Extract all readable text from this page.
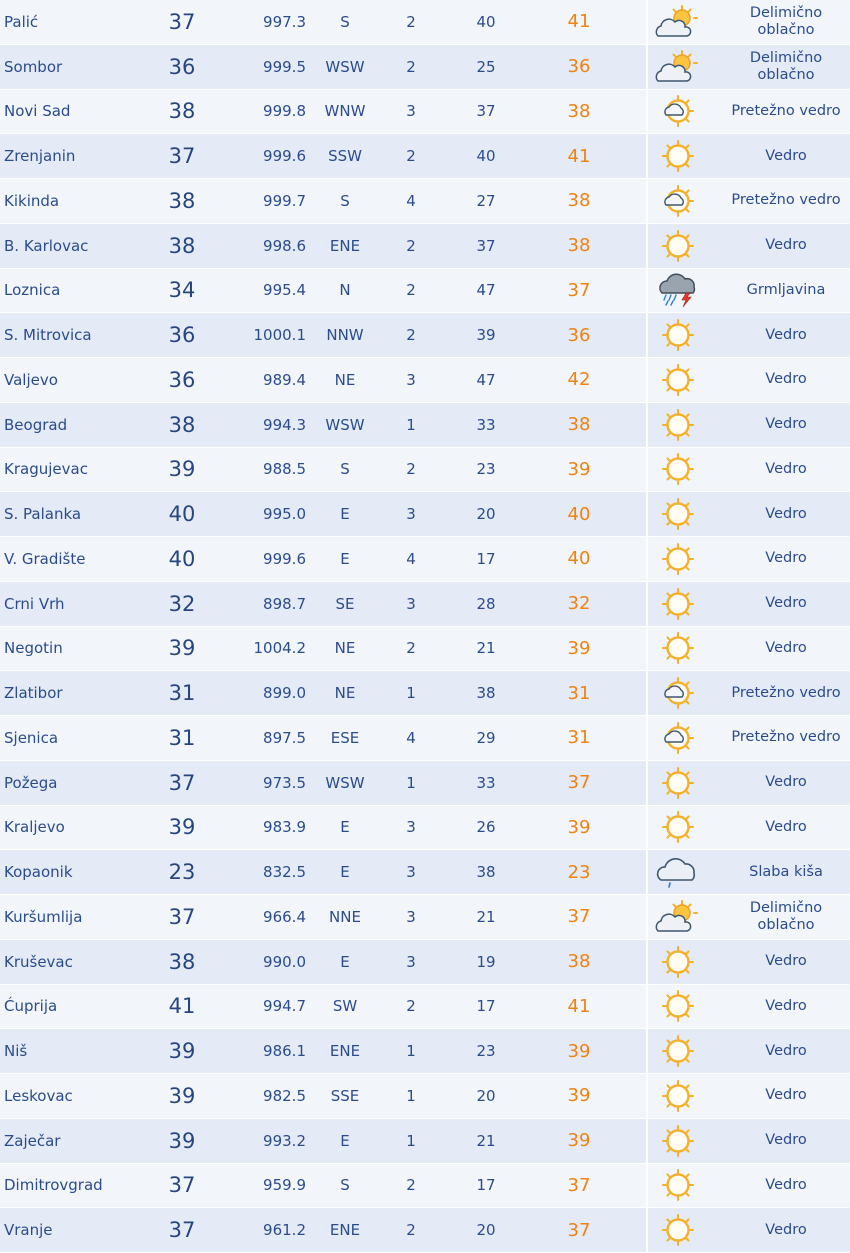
Palić	37	997.3	S	2	40	41	Delimično oblačno
Sombor	36	999.5	WSW	2	25	36	Delimično oblačno
Novi Sad	38	999.8	WNW	3	37	38	Pretežno vedro
Zrenjanin	37	999.6	SSW	2	40	41	Vedro
Kikinda	38	999.7	S	4	27	38	Pretežno vedro
B. Karlovac	38	998.6	ENE	2	37	38	Vedro
Loznica	34	995.4	N	2	47	37	Grmljavina
S. Mitrovica	36	1000.1	NNW	2	39	36	Vedro
Valjevo	36	989.4	NE	3	47	42	Vedro
Beograd	38	994.3	WSW	1	33	38	Vedro
Kragujevac	39	988.5	S	2	23	39	Vedro
S. Palanka	40	995.0	E	3	20	40	Vedro
V. Gradište	40	999.6	E	4	17	40	Vedro
Crni Vrh	32	898.7	SE	3	28	32	Vedro
Negotin	39	1004.2	NE	2	21	39	Vedro
Zlatibor	31	899.0	NE	1	38	31	Pretežno vedro
Sjenica	31	897.5	ESE	4	29	31	Pretežno vedro
Požega	37	973.5	WSW	1	33	37	Vedro
Kraljevo	39	983.9	E	3	26	39	Vedro
Kopaonik	23	832.5	E	3	38	23	Slaba kiša
Kuršumlija	37	966.4	NNE	3	21	37	Delimično oblačno
Kruševac	38	990.0	E	3	19	38	Vedro
Ćuprija	41	994.7	SW	2	17	41	Vedro
Niš	39	986.1	ENE	1	23	39	Vedro
Leskovac	39	982.5	SSE	1	20	39	Vedro
Zaječar	39	993.2	E	1	21	39	Vedro
Dimitrovgrad	37	959.9	S	2	17	37	Vedro
Vranje	37	961.2	ENE	2	20	37	Vedro
